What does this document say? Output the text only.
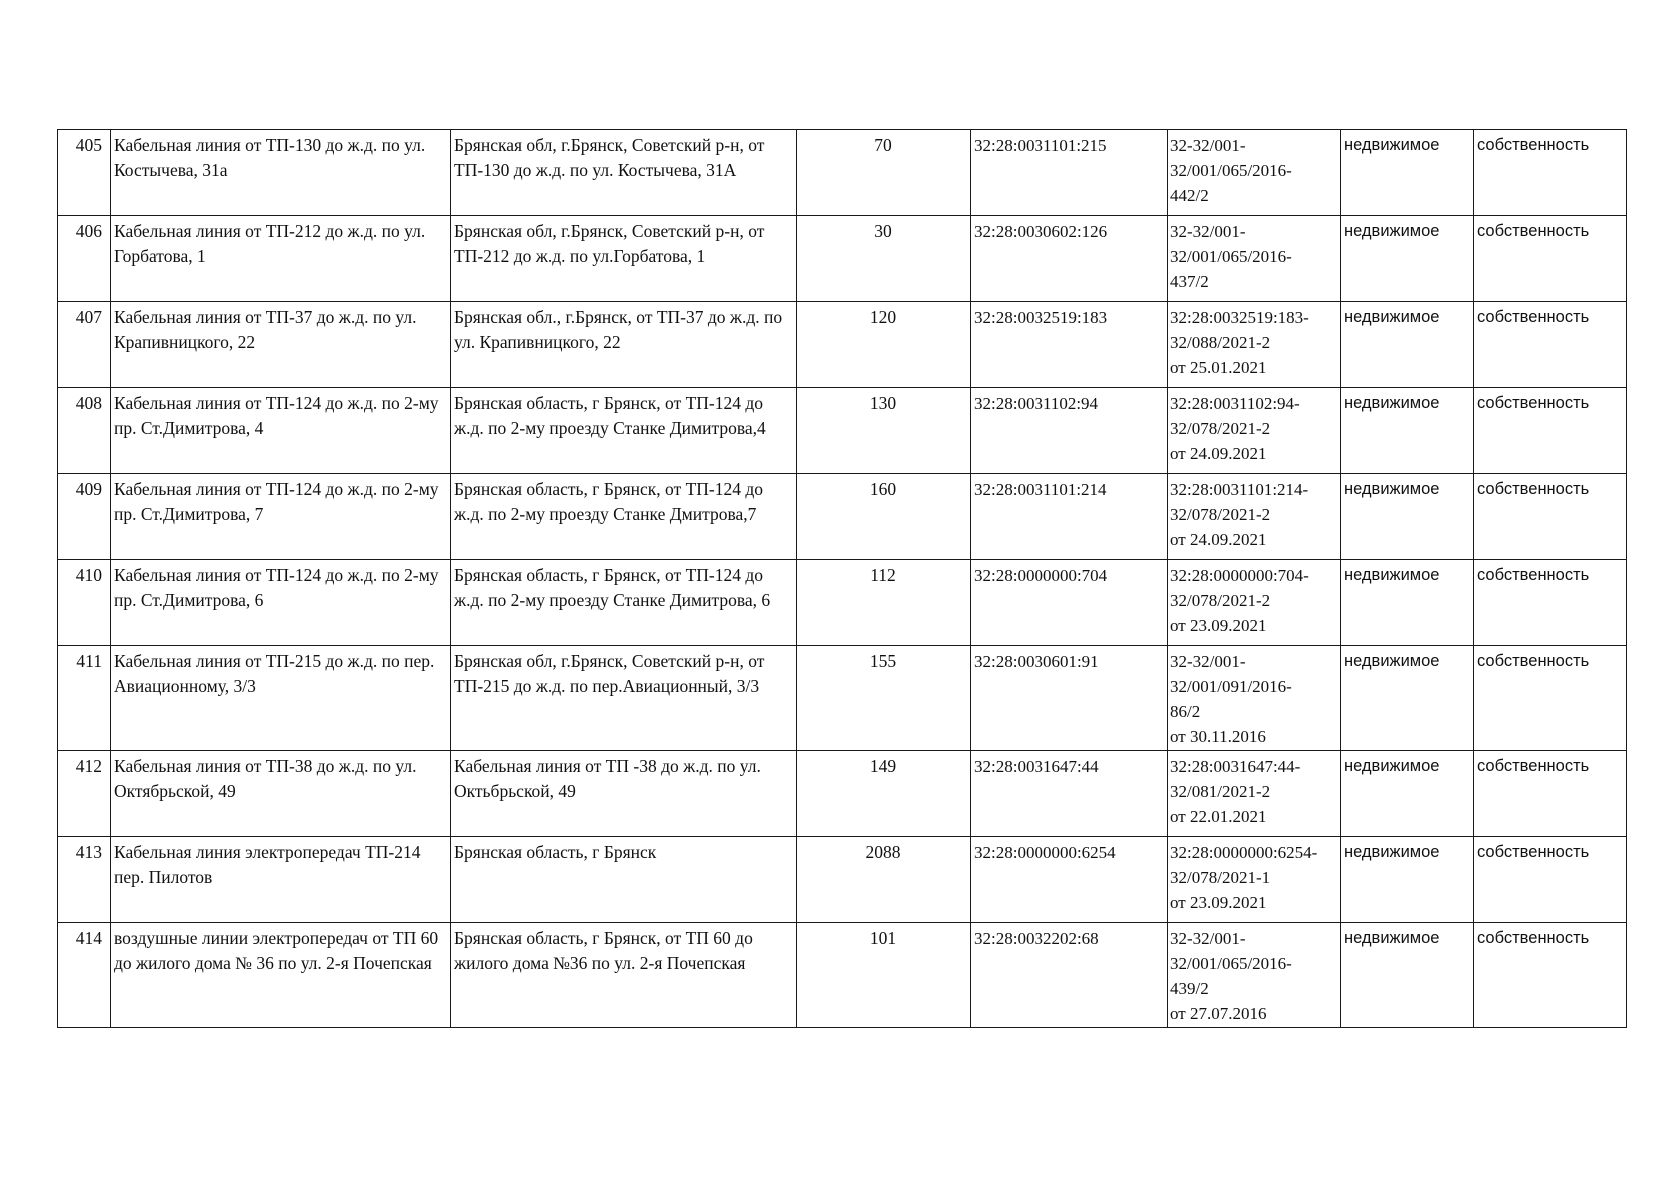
405	Кабельная линия от ТП-130 до ж.д. по ул. Костычева, 31а	Брянская обл, г.Брянск, Советский р-н, от ТП-130 до ж.д. по ул. Костычева, 31А	70	32:28:0031101:215	32-32/001-
32/001/065/2016-
442/2	недвижимое	собственность
406	Кабельная линия от ТП-212 до ж.д. по ул. Горбатова, 1	Брянская обл, г.Брянск, Советский р-н, от ТП-212 до ж.д. по ул.Горбатова, 1	30	32:28:0030602:126	32-32/001-
32/001/065/2016-
437/2	недвижимое	собственность
407	Кабельная линия от ТП-37 до ж.д. по ул. Крапивницкого, 22	Брянская обл., г.Брянск, от ТП-37 до ж.д. по ул. Крапивницкого, 22	120	32:28:0032519:183	32:28:0032519:183-
32/088/2021-2
от 25.01.2021	недвижимое	собственность
408	Кабельная линия от ТП-124 до ж.д. по 2-му пр. Ст.Димитрова, 4	Брянская область, г Брянск, от ТП-124 до ж.д. по 2-му проезду Станке Димитрова,4	130	32:28:0031102:94	32:28:0031102:94-
32/078/2021-2
от 24.09.2021	недвижимое	собственность
409	Кабельная линия от ТП-124 до ж.д. по 2-му пр. Ст.Димитрова, 7	Брянская область, г Брянск, от ТП-124 до ж.д. по 2-му проезду Станке Дмитрова,7	160	32:28:0031101:214	32:28:0031101:214-
32/078/2021-2
от 24.09.2021	недвижимое	собственность
410	Кабельная линия от ТП-124 до ж.д. по 2-му пр. Ст.Димитрова, 6	Брянская область, г Брянск, от ТП-124 до ж.д. по 2-му проезду Станке Димитрова, 6	112	32:28:0000000:704	32:28:0000000:704-
32/078/2021-2
от 23.09.2021	недвижимое	собственность
411	Кабельная линия от ТП-215 до ж.д. по пер. Авиационному, 3/3	Брянская обл, г.Брянск, Советский р-н, от ТП-215 до ж.д. по пер.Авиационный, 3/3	155	32:28:0030601:91	32-32/001-
32/001/091/2016-
86/2
от 30.11.2016	недвижимое	собственность
412	Кабельная линия от ТП-38 до ж.д. по ул. Октябрьской, 49	Кабельная линия от ТП -38 до ж.д. по ул. Октьбрьской, 49	149	32:28:0031647:44	32:28:0031647:44-
32/081/2021-2
от 22.01.2021	недвижимое	собственность
413	Кабельная линия электропередач ТП-214 пер. Пилотов	Брянская область, г Брянск	2088	32:28:0000000:6254	32:28:0000000:6254-
32/078/2021-1
от 23.09.2021	недвижимое	собственность
414	воздушные линии электропередач от ТП 60 до жилого дома № 36 по ул. 2-я Почепская	Брянская область, г Брянск, от ТП 60 до жилого дома №36 по ул. 2-я Почепская	101	32:28:0032202:68	32-32/001-
32/001/065/2016-
439/2
от 27.07.2016	недвижимое	собственность
